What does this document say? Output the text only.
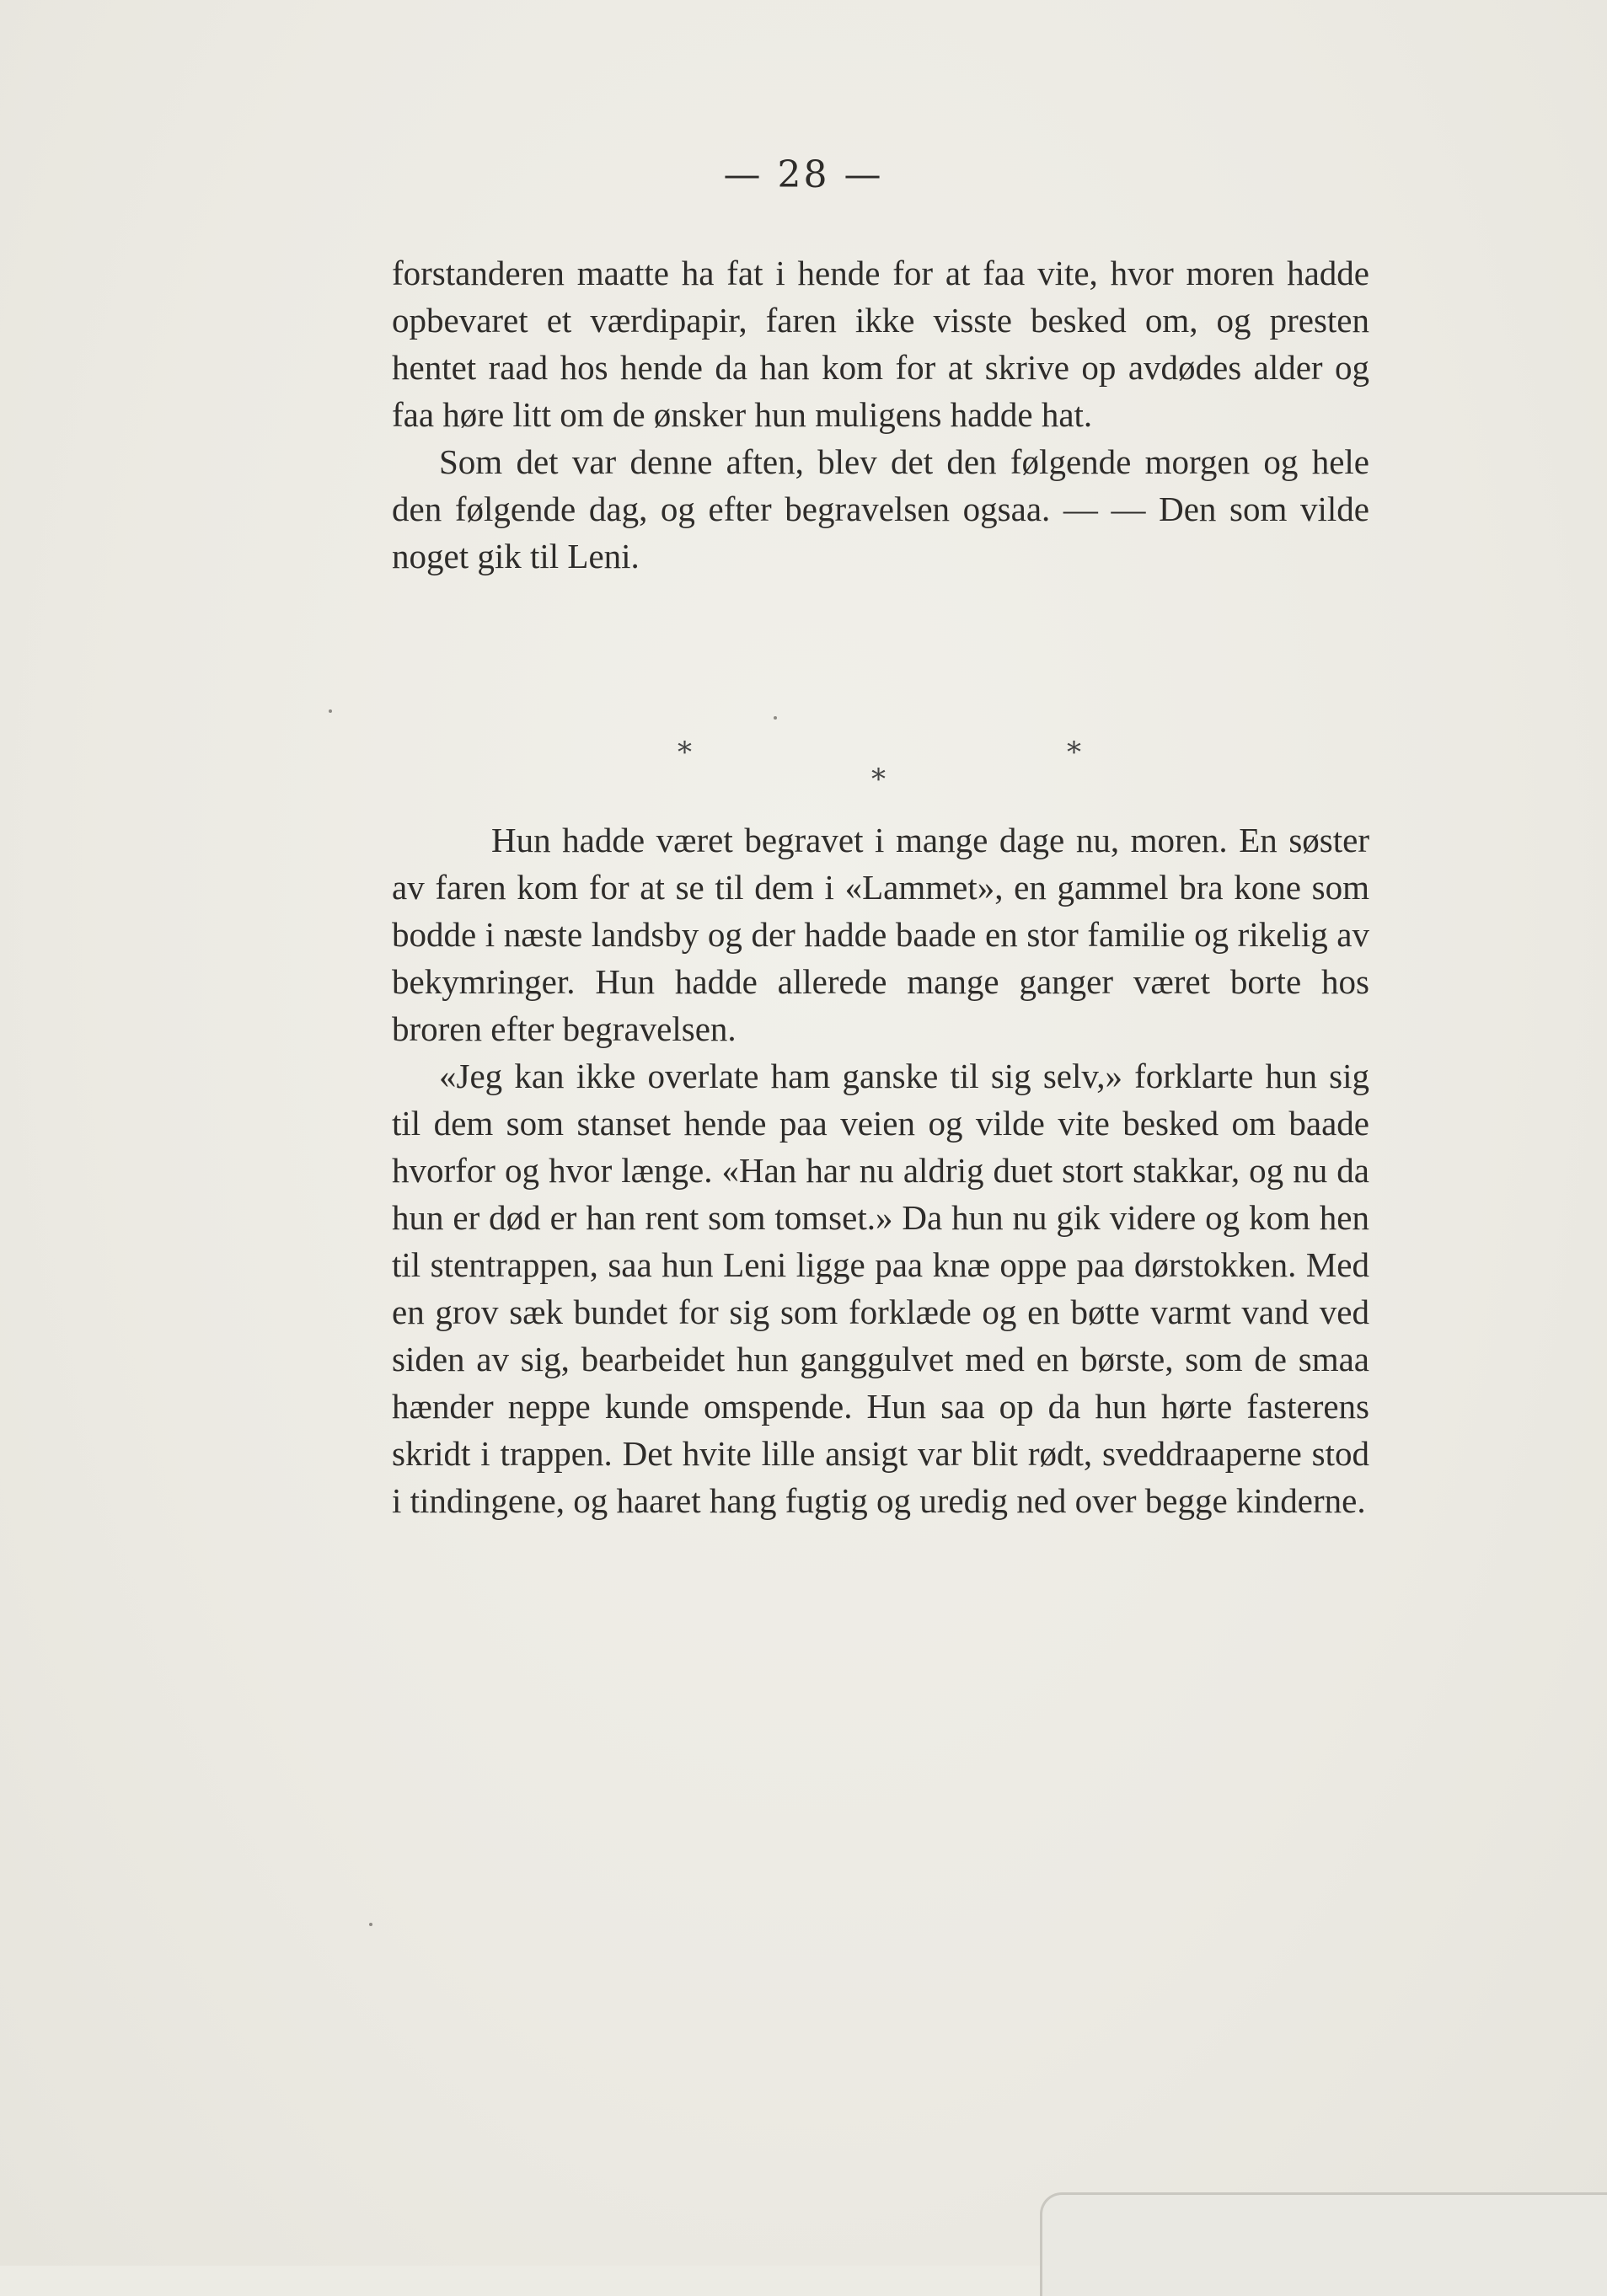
— 28 —

forstanderen maatte ha fat i hende for at faa vite, hvor moren hadde opbevaret et værdipapir, faren ikke visste besked om, og presten hentet raad hos hende da han kom for at skrive op avdødes alder og faa høre litt om de ønsker hun muligens hadde hat.

Som det var denne aften, blev det den følgende morgen og hele den følgende dag, og efter begravelsen ogsaa. — — Den som vilde noget gik til Leni.

*	*
*

Hun hadde været begravet i mange dage nu, moren. En søster av faren kom for at se til dem i «Lammet», en gammel bra kone som bodde i næste landsby og der hadde baade en stor familie og rikelig av bekymringer. Hun hadde allerede mange ganger været borte hos broren efter begravelsen.

«Jeg kan ikke overlate ham ganske til sig selv,» forklarte hun sig til dem som stanset hende paa veien og vilde vite besked om baade hvorfor og hvor længe. «Han har nu aldrig duet stort stakkar, og nu da hun er død er han rent som tomset.» Da hun nu gik videre og kom hen til stentrappen, saa hun Leni ligge paa knæ oppe paa dørstokken. Med en grov sæk bundet for sig som forklæde og en bøtte varmt vand ved siden av sig, bearbeidet hun ganggulvet med en børste, som de smaa hænder neppe kunde omspende. Hun saa op da hun hørte fasterens skridt i trappen. Det hvite lille ansigt var blit rødt, sveddraaperne stod i tindingene, og haaret hang fugtig og uredig ned over begge kinderne.
